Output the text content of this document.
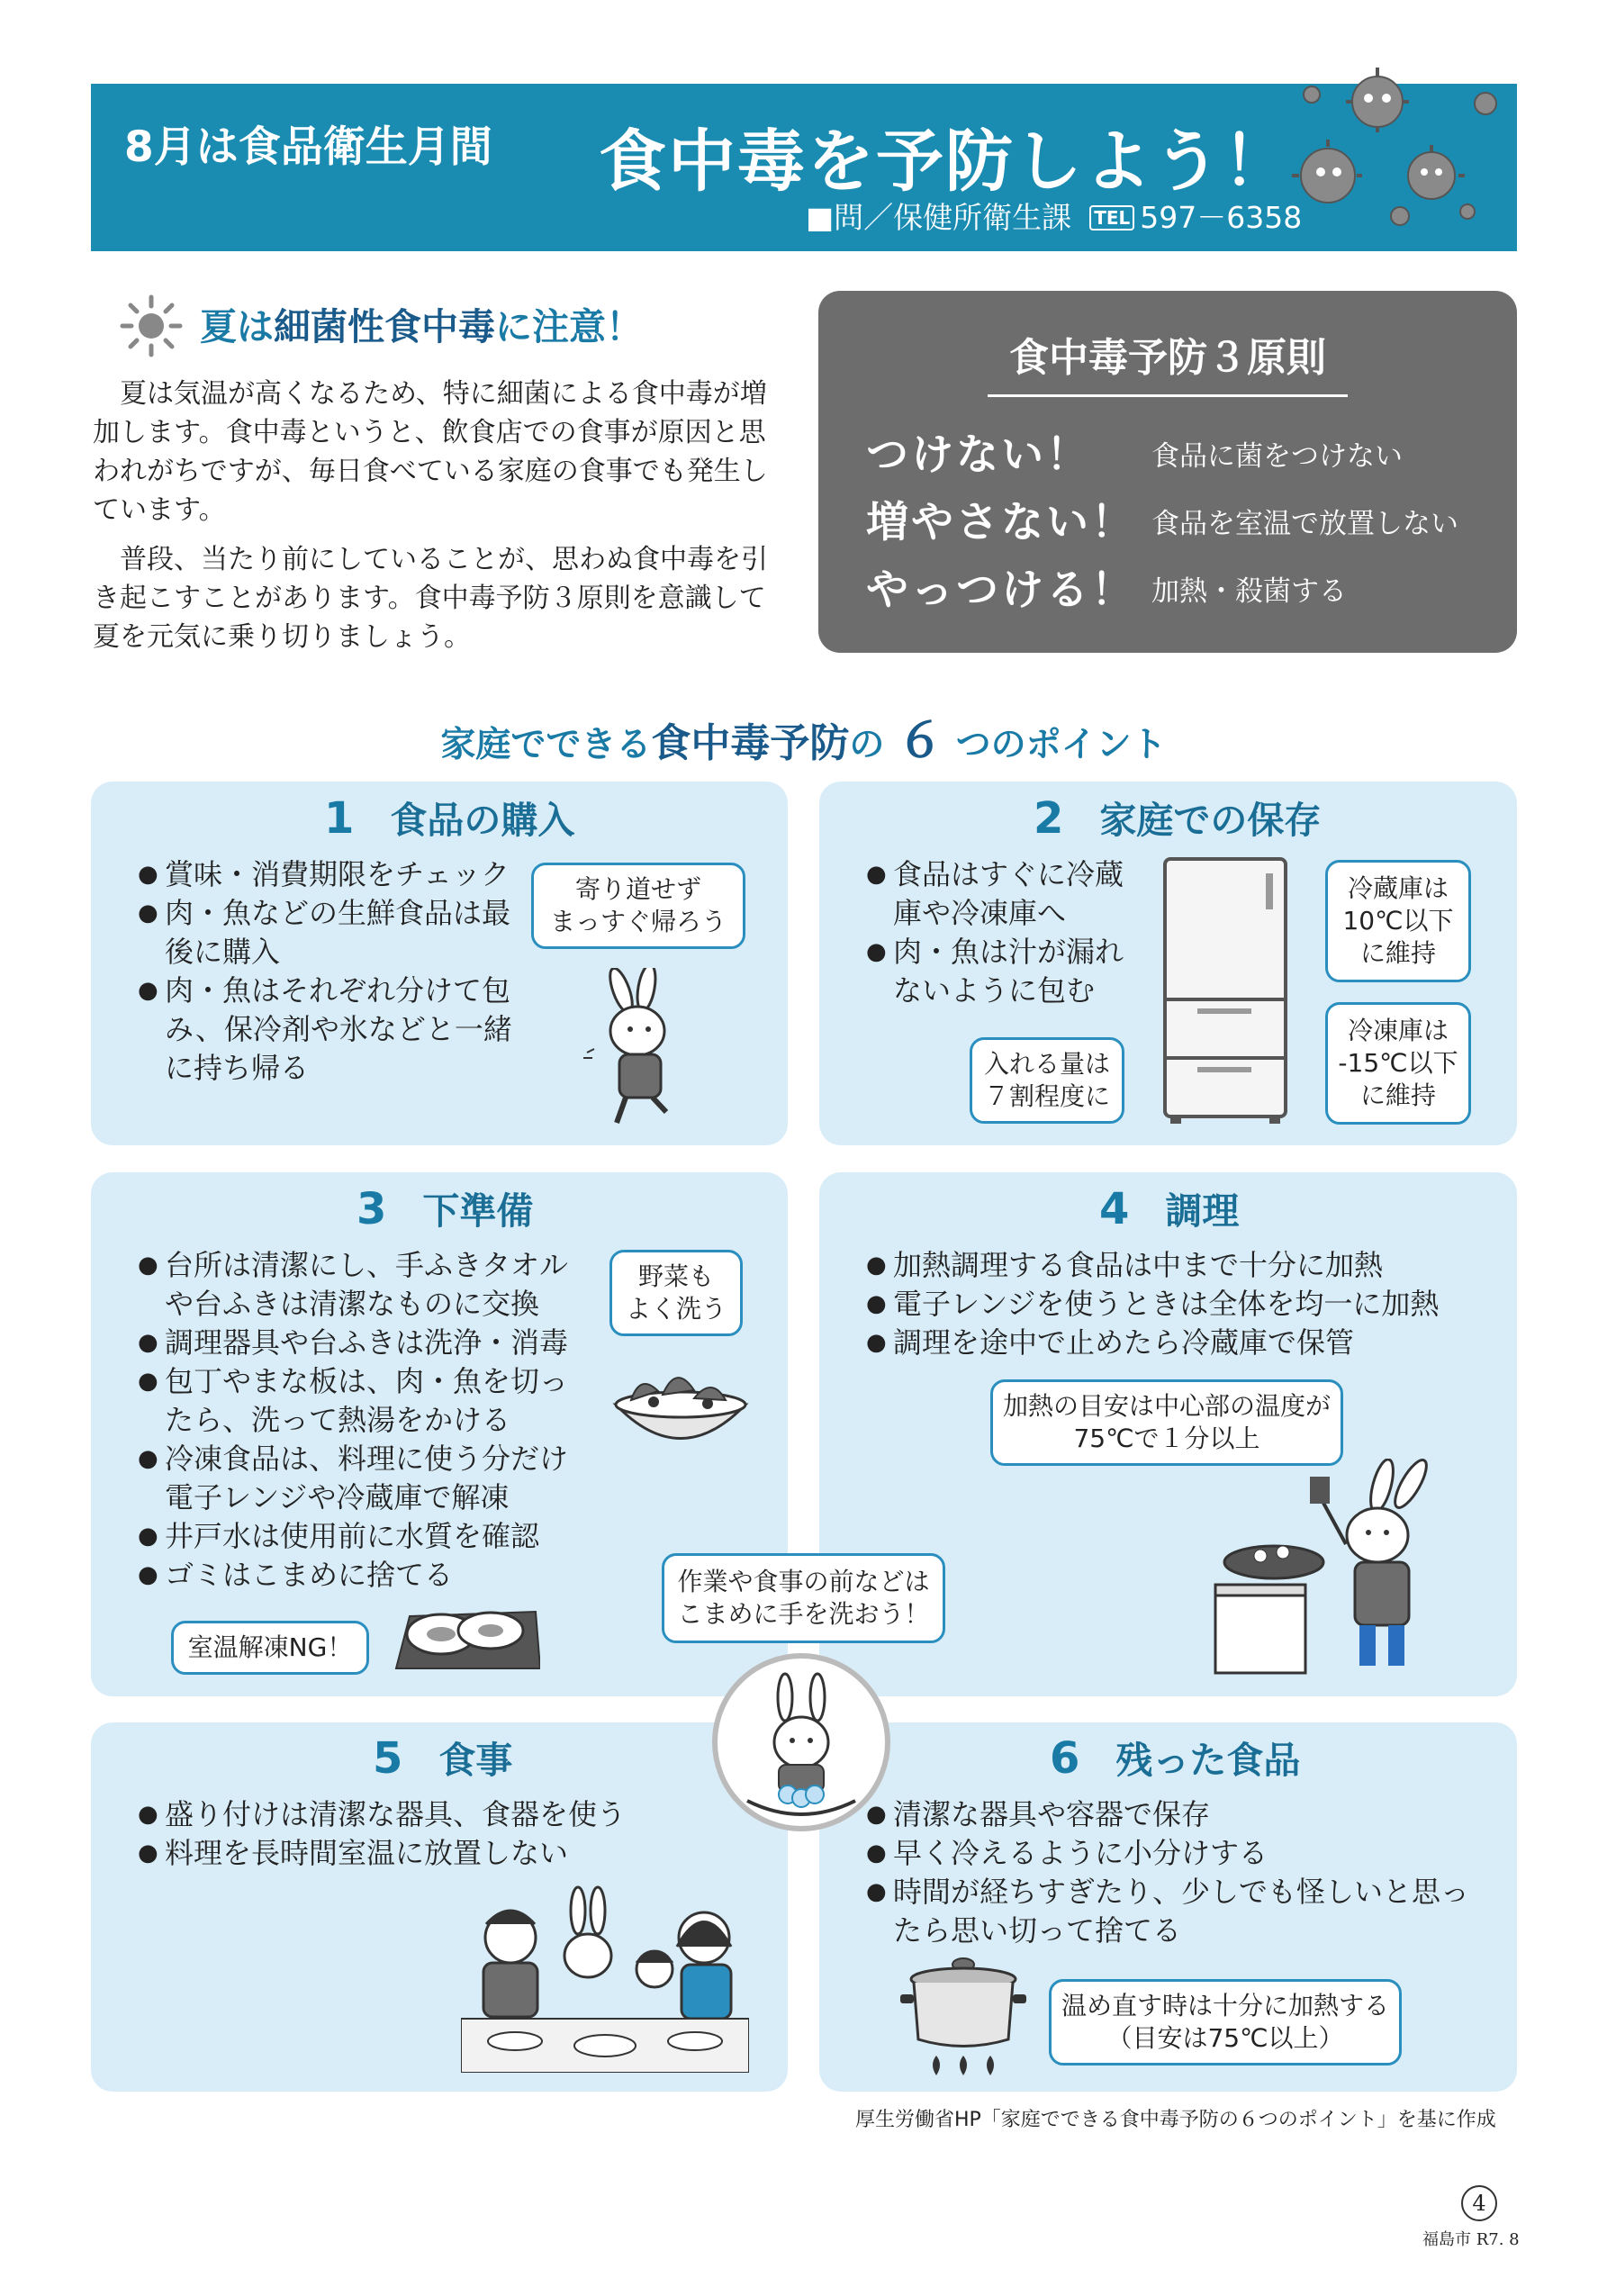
8月は食品衛生月間 食中毒を予防しよう！
■問／保健所衛生課 TEL 597－6358
夏は細菌性食中毒に注意！

夏は気温が高くなるため、特に細菌による食中毒が増加します。食中毒というと、飲食店での食事が原因と思われがちですが、毎日食べている家庭の食事でも発生しています。

普段、当たり前にしていることが、思わぬ食中毒を引き起こすことがあります。食中毒予防３原則を意識して夏を元気に乗り切りましょう。

食中毒予防３原則
つけない！ 食品に菌をつけない
増やさない！ 食品を室温で放置しない
やっつける！ 加熱・殺菌する
家庭でできる食中毒予防の ６ つのポイント
1 食品の購入
● 賞味・消費期限をチェック
● 肉・魚などの生鮮食品は最後に購入
● 肉・魚はそれぞれ分けて包み、保冷剤や氷などと一緒に持ち帰る
寄り道せず
まっすぐ帰ろう
2 家庭での保存
● 食品はすぐに冷蔵庫や冷凍庫へ
● 肉・魚は汁が漏れないように包む
冷蔵庫は
10℃以下
に維持
冷凍庫は
-15℃以下
に維持
入れる量は
７割程度に
3 下準備
● 台所は清潔にし、手ふきタオルや台ふきは清潔なものに交換
● 調理器具や台ふきは洗浄・消毒
● 包丁やまな板は、肉・魚を切ったら、洗って熱湯をかける
● 冷凍食品は、料理に使う分だけ電子レンジや冷蔵庫で解凍
● 井戸水は使用前に水質を確認
● ゴミはこまめに捨てる
野菜も
よく洗う
室温解凍NG！
4 調理
● 加熱調理する食品は中まで十分に加熱
● 電子レンジを使うときは全体を均一に加熱
● 調理を途中で止めたら冷蔵庫で保管
加熱の目安は中心部の温度が
75℃で１分以上
作業や食事の前などは
こまめに手を洗おう！
5 食事
● 盛り付けは清潔な器具、食器を使う
● 料理を長時間室温に放置しない
6 残った食品
● 清潔な器具や容器で保存
● 早く冷えるように小分けする
● 時間が経ちすぎたり、少しでも怪しいと思ったら思い切って捨てる
温め直す時は十分に加熱する
（目安は75℃以上）
厚生労働省HP「家庭でできる食中毒予防の６つのポイント」を基に作成
4
福島市 R7. 8
